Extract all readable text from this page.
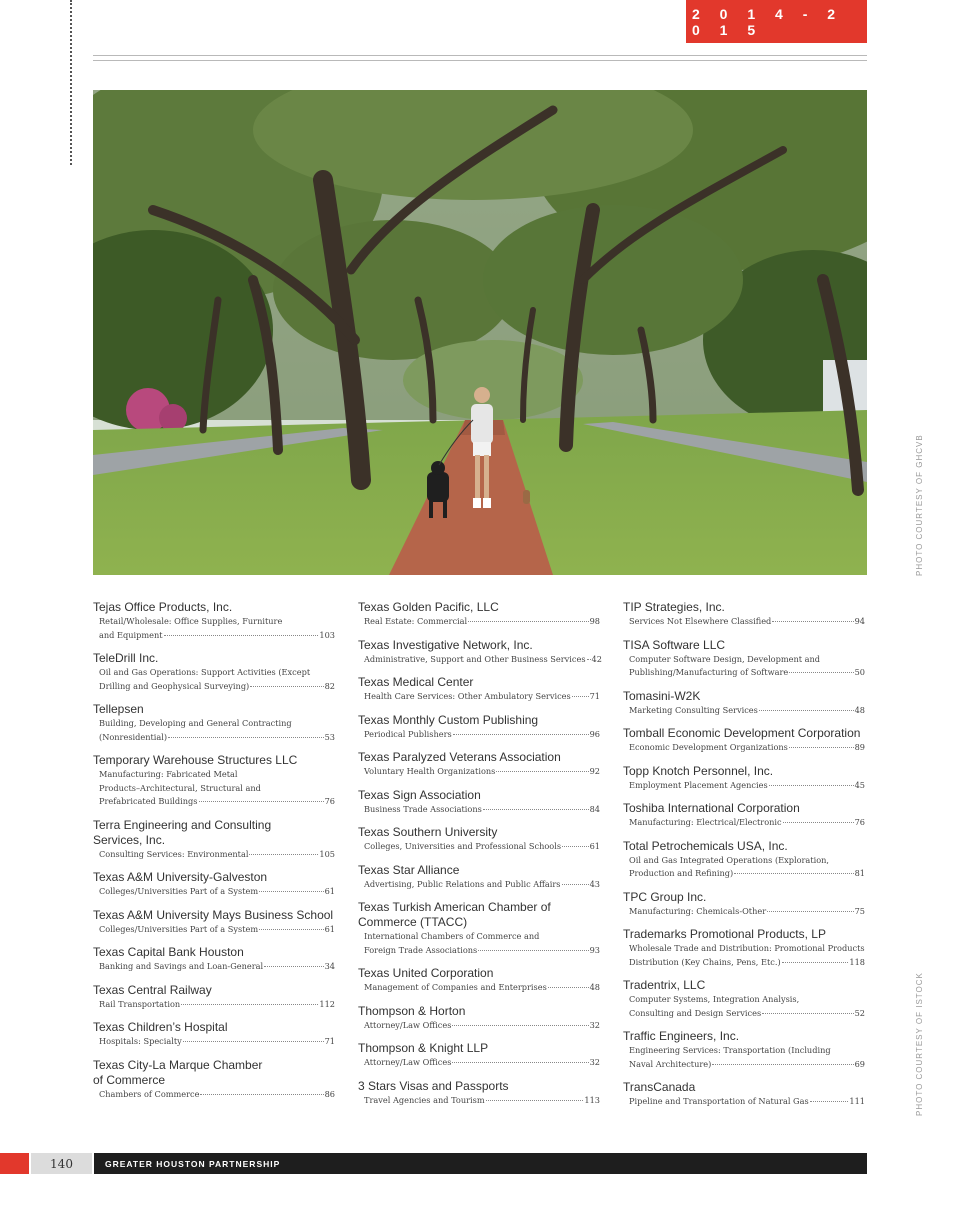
2 0 1 4 - 2 0 1 5
PHOTO COURTESY OF GHCVB
PHOTO COURTESY OF ISTOCK
Tejas Office Products, Inc.
Retail/Wholesale: Office Supplies, Furniture
and Equipment	103
TeleDrill Inc.
Oil and Gas Operations: Support Activities (Except
Drilling and Geophysical Surveying)	82
Tellepsen
Building, Developing and General Contracting
(Nonresidential)	53
Temporary Warehouse Structures LLC
Manufacturing: Fabricated Metal
Products–Architectural, Structural and
Prefabricated Buildings	76
Terra Engineering and Consulting
Services, Inc.
Consulting Services: Environmental	105
Texas A&M University-Galveston
Colleges/Universities Part of a System	61
Texas A&M University Mays Business School
Colleges/Universities Part of a System	61
Texas Capital Bank Houston
Banking and Savings and Loan-General	34
Texas Central Railway
Rail Transportation	112
Texas Children’s Hospital
Hospitals: Specialty	71
Texas City-La Marque Chamber
of Commerce
Chambers of Commerce	86
Texas Golden Pacific, LLC
Real Estate: Commercial	98
Texas Investigative Network, Inc.
Administrative, Support and Other Business Services 42
Texas Medical Center
Health Care Services: Other Ambulatory Services 71
Texas Monthly Custom Publishing
Periodical Publishers	96
Texas Paralyzed Veterans Association
Voluntary Health Organizations	92
Texas Sign Association
Business Trade Associations	84
Texas Southern University
Colleges, Universities and Professional Schools	61
Texas Star Alliance
Advertising, Public Relations and Public Affairs	43
Texas Turkish American Chamber of
Commerce (TTACC)
International Chambers of Commerce and
Foreign Trade Associations	93
Texas United Corporation
Management of Companies and Enterprises	48
Thompson & Horton
Attorney/Law Offices	32
Thompson & Knight LLP
Attorney/Law Offices	32
3 Stars Visas and Passports
Travel Agencies and Tourism	113
TIP Strategies, Inc.
Services Not Elsewhere Classified	94
TISA Software LLC
Computer Software Design, Development and
Publishing/Manufacturing of Software	50
Tomasini-W2K
Marketing Consulting Services	48
Tomball Economic Development Corporation
Economic Development Organizations	89
Topp Knotch Personnel, Inc.
Employment Placement Agencies	45
Toshiba International Corporation
Manufacturing: Electrical/Electronic	76
Total Petrochemicals USA, Inc.
Oil and Gas Integrated Operations (Exploration,
Production and Refining)	81
TPC Group Inc.
Manufacturing: Chemicals-Other	75
Trademarks Promotional Products, LP
Wholesale Trade and Distribution: Promotional Products
Distribution (Key Chains, Pens, Etc.)	118
Tradentrix, LLC
Computer Systems, Integration Analysis,
Consulting and Design Services	52
Traffic Engineers, Inc.
Engineering Services: Transportation (Including
Naval Architecture)	69
TransCanada
Pipeline and Transportation of Natural Gas	111
140	GREATER HOUSTON PARTNERSHIP
